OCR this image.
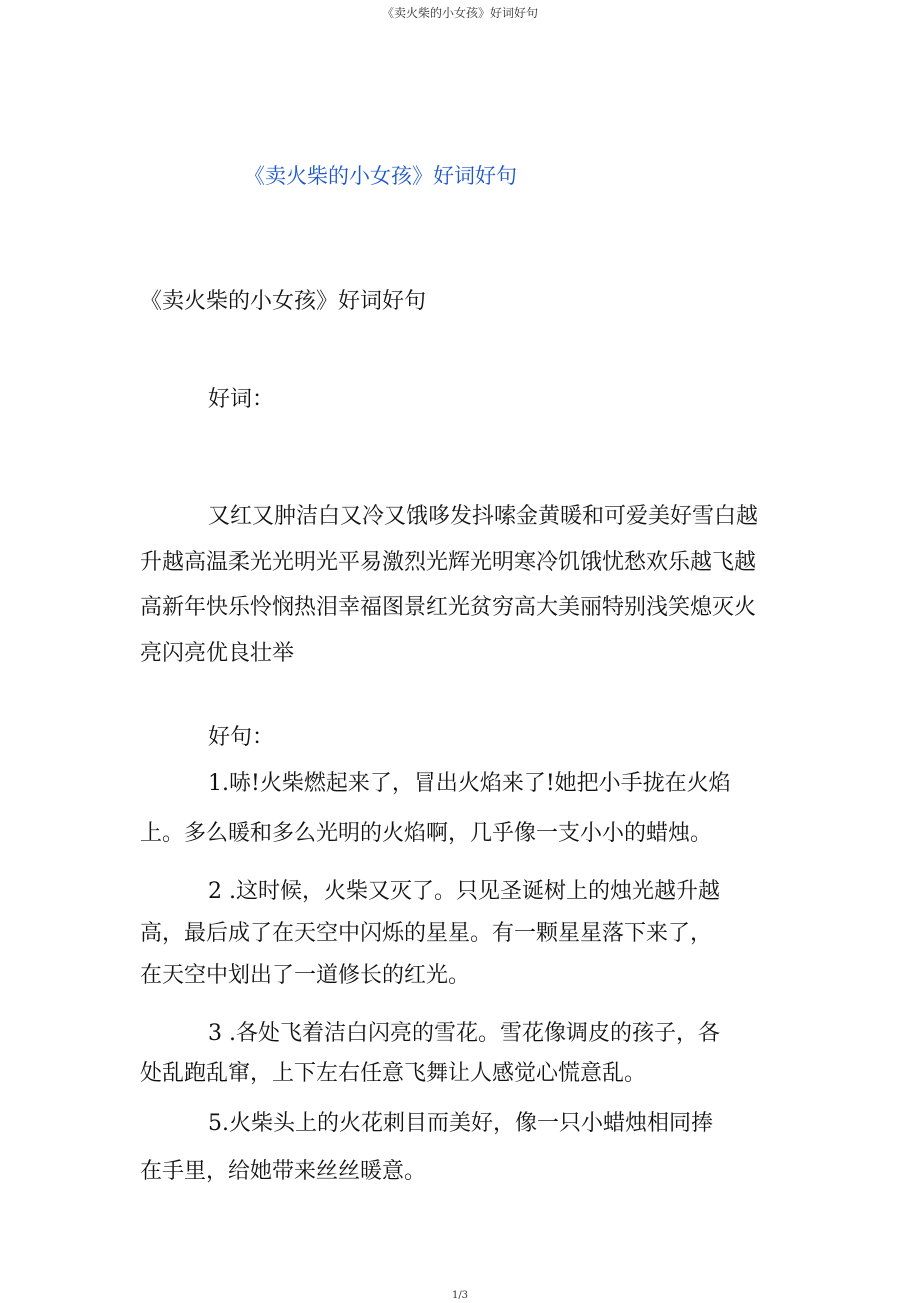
《卖火柴的小女孩》好词好句
《卖火柴的小女孩》好词好句
《卖火柴的小女孩》好词好句
好词：
又红又肿洁白又冷又饿哆发抖嗦金黄暖和可爱美好雪白越
升越高温柔光光明光平易激烈光辉光明寒冷饥饿忧愁欢乐越飞越
高新年快乐怜悯热泪幸福图景红光贫穷高大美丽特别浅笑熄灭火
亮闪亮优良壮举
好句：
1.哧!火柴燃起来了，冒出火焰来了!她把小手拢在火焰
上。多么暖和多么光明的火焰啊，几乎像一支小小的蜡烛。
2 .这时候，火柴又灭了。只见圣诞树上的烛光越升越
高，最后成了在天空中闪烁的星星。有一颗星星落下来了，
在天空中划出了一道修长的红光。
3 .各处飞着洁白闪亮的雪花。雪花像调皮的孩子，各
处乱跑乱窜，上下左右任意飞舞让人感觉心慌意乱。
5.火柴头上的火花刺目而美好，像一只小蜡烛相同捧
在手里，给她带来丝丝暖意。
1/3
